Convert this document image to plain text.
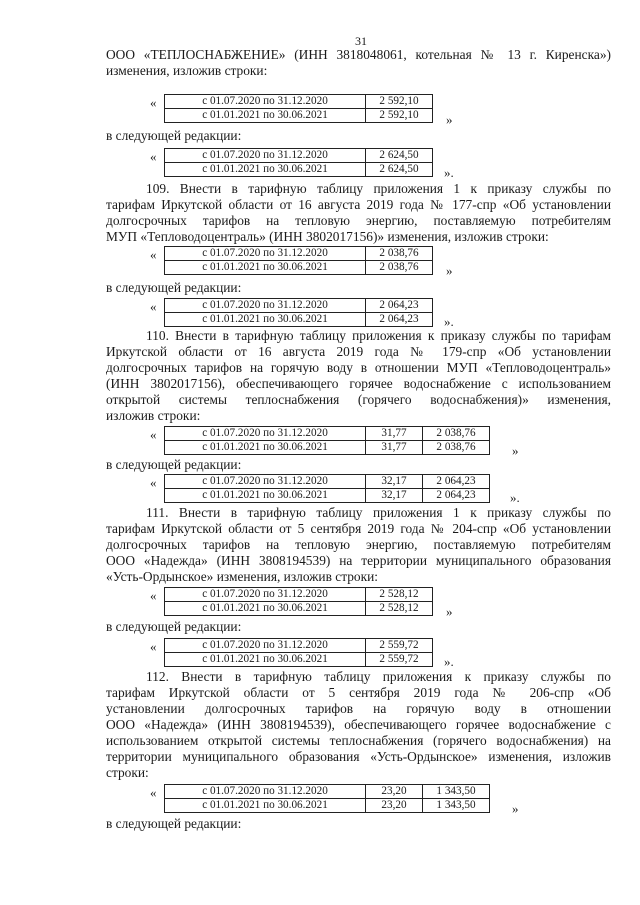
31
ООО «ТЕПЛОСНАБЖЕНИЕ» (ИНН 3818048061, котельная № 13 г. Киренска»)
изменения, изложив строки:
«	с 01.07.2020 по 31.12.2020	2 592,10
с 01.01.2021 по 30.06.2021	2 592,10 »
в следующей редакции:
«	с 01.07.2020 по 31.12.2020	2 624,50
с 01.01.2021 по 30.06.2021	2 624,50 ».
109. Внести в тарифную таблицу приложения 1 к приказу службы по
тарифам Иркутской области от 16 августа 2019 года № 177-спр «Об установлении
долгосрочных тарифов на тепловую энергию, поставляемую потребителям
МУП «Тепловодоцентраль» (ИНН 3802017156)» изменения, изложив строки:
«	с 01.07.2020 по 31.12.2020	2 038,76
с 01.01.2021 по 30.06.2021	2 038,76 »
в следующей редакции:
«	с 01.07.2020 по 31.12.2020	2 064,23
с 01.01.2021 по 30.06.2021	2 064,23 ».
110. Внести в тарифную таблицу приложения к приказу службы по тарифам
Иркутской области от 16 августа 2019 года № 179-спр «Об установлении
долгосрочных тарифов на горячую воду в отношении МУП «Тепловодоцентраль»
(ИНН 3802017156), обеспечивающего горячее водоснабжение с использованием
открытой системы теплоснабжения (горячего водоснабжения)» изменения,
изложив строки:
«	с 01.07.2020 по 31.12.2020	31,77	2 038,76
с 01.01.2021 по 30.06.2021	31,77	2 038,76	»
в следующей редакции:
«	с 01.07.2020 по 31.12.2020	32,17	2 064,23
с 01.01.2021 по 30.06.2021	32,17	2 064,23	».
111. Внести в тарифную таблицу приложения 1 к приказу службы по
тарифам Иркутской области от 5 сентября 2019 года № 204-спр «Об установлении
долгосрочных тарифов на тепловую энергию, поставляемую потребителям
ООО «Надежда» (ИНН 3808194539) на территории муниципального образования
«Усть-Ордынское» изменения, изложив строки:
«	с 01.07.2020 по 31.12.2020	2 528,12
с 01.01.2021 по 30.06.2021	2 528,12 »
в следующей редакции:
«	с 01.07.2020 по 31.12.2020	2 559,72
с 01.01.2021 по 30.06.2021	2 559,72 ».
112. Внести в тарифную таблицу приложения к приказу службы по
тарифам Иркутской области от 5 сентября 2019 года № 206-спр «Об
установлении долгосрочных тарифов на горячую воду в отношении
ООО «Надежда» (ИНН 3808194539), обеспечивающего горячее водоснабжение с
использованием открытой системы теплоснабжения (горячего водоснабжения) на
территории муниципального образования «Усть-Ордынское» изменения, изложив
строки:
«	с 01.07.2020 по 31.12.2020	23,20	1 343,50
с 01.01.2021 по 30.06.2021	23,20	1 343,50	»
в следующей редакции:
